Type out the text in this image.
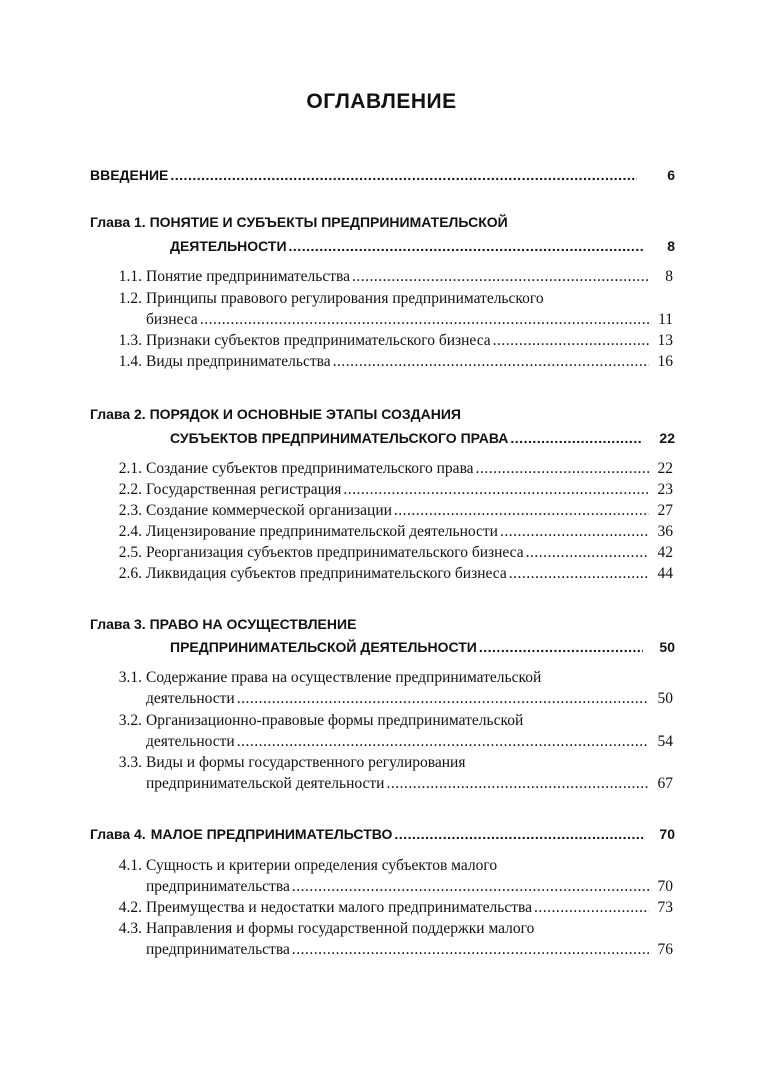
ОГЛАВЛЕНИЕ
ВВЕДЕНИЕ .....	6
Глава 1. ПОНЯТИЕ И СУБЪЕКТЫ ПРЕДПРИНИМАТЕЛЬСКОЙ
ДЕЯТЕЛЬНОСТИ .....	8
1.1. Понятие предпринимательства .....	8
1.2. Принципы правового регулирования предпринимательского
бизнеса .....	11
1.3. Признаки субъектов предпринимательского бизнеса .....	13
1.4. Виды предпринимательства .....	16
Глава 2. ПОРЯДОК И ОСНОВНЫЕ ЭТАПЫ СОЗДАНИЯ
СУБЪЕКТОВ ПРЕДПРИНИМАТЕЛЬСКОГО ПРАВА .....	22
2.1. Создание субъектов предпринимательского права .....	22
2.2. Государственная регистрация .....	23
2.3. Создание коммерческой организации .....	27
2.4. Лицензирование предпринимательской деятельности .....	36
2.5. Реорганизация субъектов предпринимательского бизнеса .....	42
2.6. Ликвидация субъектов предпринимательского бизнеса .....	44
Глава 3. ПРАВО НА ОСУЩЕСТВЛЕНИЕ
ПРЕДПРИНИМАТЕЛЬСКОЙ ДЕЯТЕЛЬНОСТИ .....	50
3.1. Содержание права на осуществление предпринимательской
деятельности .....	50
3.2. Организационно-правовые формы предпринимательской
деятельности .....	54
3.3. Виды и формы государственного регулирования
предпринимательской деятельности .....	67
Глава 4. МАЛОЕ ПРЕДПРИНИМАТЕЛЬСТВО .....	70
4.1. Сущность и критерии определения субъектов малого
предпринимательства .....	70
4.2. Преимущества и недостатки малого предпринимательства .....	73
4.3. Направления и формы государственной поддержки малого
предпринимательства .....	76
